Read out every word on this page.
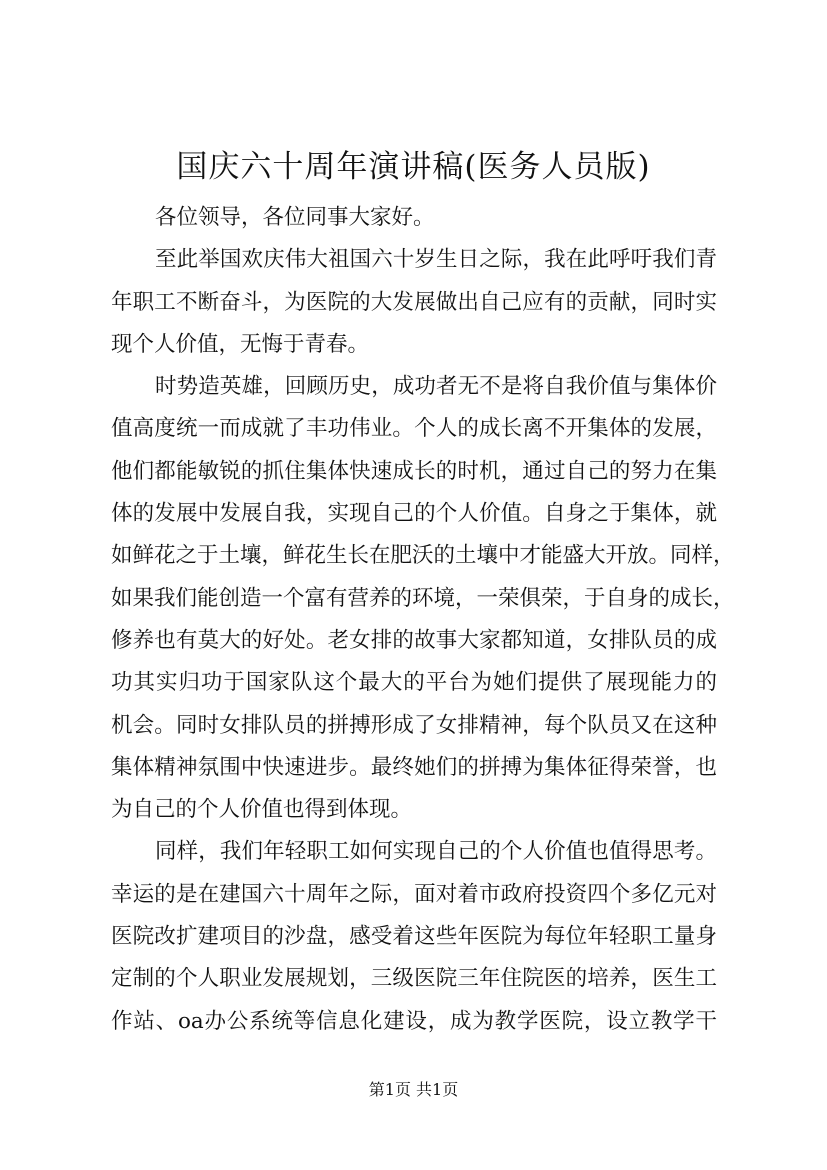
国庆六十周年演讲稿(医务人员版)
各位领导，各位同事大家好。
至此举国欢庆伟大祖国六十岁生日之际，我在此呼吁我们青
年职工不断奋斗，为医院的大发展做出自己应有的贡献，同时实
现个人价值，无悔于青春。
时势造英雄，回顾历史，成功者无不是将自我价值与集体价
值高度统一而成就了丰功伟业。个人的成长离不开集体的发展，
他们都能敏锐的抓住集体快速成长的时机，通过自己的努力在集
体的发展中发展自我，实现自己的个人价值。自身之于集体，就
如鲜花之于土壤，鲜花生长在肥沃的土壤中才能盛大开放。同样，
如果我们能创造一个富有营养的环境，一荣俱荣，于自身的成长，
修养也有莫大的好处。老女排的故事大家都知道，女排队员的成
功其实归功于国家队这个最大的平台为她们提供了展现能力的
机会。同时女排队员的拼搏形成了女排精神，每个队员又在这种
集体精神氛围中快速进步。最终她们的拼搏为集体征得荣誉，也
为自己的个人价值也得到体现。
同样，我们年轻职工如何实现自己的个人价值也值得思考。
幸运的是在建国六十周年之际，面对着市政府投资四个多亿元对
医院改扩建项目的沙盘，感受着这些年医院为每位年轻职工量身
定制的个人职业发展规划，三级医院三年住院医的培养，医生工
作站、oa办公系统等信息化建设，成为教学医院，设立教学干
第1页 共1页
